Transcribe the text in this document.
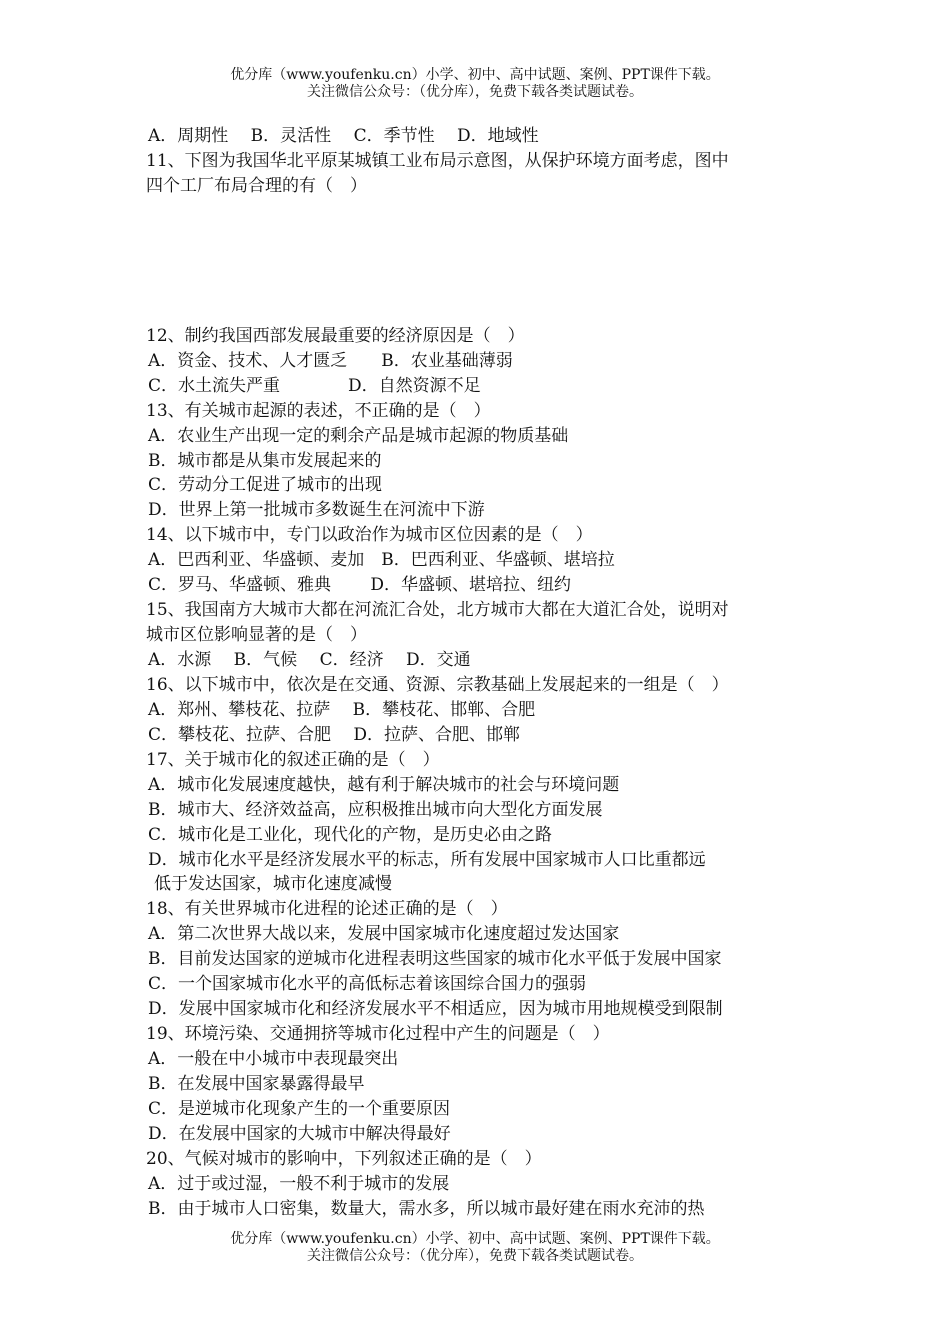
优分库（www.youfenku.cn）小学、初中、高中试题、案例、PPT课件下载。
关注微信公众号：（优分库），免费下载各类试题试卷。
A．周期性　 B．灵活性　 C．季节性　 D．地域性
11、下图为我国华北平原某城镇工业布局示意图，从保护环境方面考虑，图中
四个工厂布局合理的有（　）
12、制约我国西部发展最重要的经济原因是（　）
A．资金、技术、人才匮乏　　B．农业基础薄弱
C．水土流失严重　　　　D．自然资源不足
13、有关城市起源的表述，不正确的是（　）
A．农业生产出现一定的剩余产品是城市起源的物质基础
B．城市都是从集市发展起来的
C．劳动分工促进了城市的出现
D．世界上第一批城市多数诞生在河流中下游
14、以下城市中，专门以政治作为城市区位因素的是（　）
A．巴西利亚、华盛顿、麦加　B．巴西利亚、华盛顿、堪培拉
C．罗马、华盛顿、雅典　　 D．华盛顿、堪培拉、纽约
15、我国南方大城市大都在河流汇合处，北方城市大都在大道汇合处，说明对
城市区位影响显著的是（　）
A．水源　 B．气候　 C．经济　 D．交通
16、以下城市中，依次是在交通、资源、宗教基础上发展起来的一组是（　）
A．郑州、攀枝花、拉萨　 B．攀枝花、邯郸、合肥
C．攀枝花、拉萨、合肥　 D．拉萨、合肥、邯郸
17、关于城市化的叙述正确的是（　）
A．城市化发展速度越快，越有利于解决城市的社会与环境问题
B．城市大、经济效益高，应积极推出城市向大型化方面发展
C．城市化是工业化，现代化的产物，是历史必由之路
D．城市化水平是经济发展水平的标志，所有发展中国家城市人口比重都远
低于发达国家，城市化速度减慢
18、有关世界城市化进程的论述正确的是（　）
A．第二次世界大战以来，发展中国家城市化速度超过发达国家
B．目前发达国家的逆城市化进程表明这些国家的城市化水平低于发展中国家
C．一个国家城市化水平的高低标志着该国综合国力的强弱
D．发展中国家城市化和经济发展水平不相适应，因为城市用地规模受到限制
19、环境污染、交通拥挤等城市化过程中产生的问题是（　）
A．一般在中小城市中表现最突出
B．在发展中国家暴露得最早
C．是逆城市化现象产生的一个重要原因
D．在发展中国家的大城市中解决得最好
20、气候对城市的影响中，下列叙述正确的是（　）
A．过于或过湿，一般不利于城市的发展
B．由于城市人口密集，数量大，需水多，所以城市最好建在雨水充沛的热
优分库（www.youfenku.cn）小学、初中、高中试题、案例、PPT课件下载。
关注微信公众号：（优分库），免费下载各类试题试卷。
